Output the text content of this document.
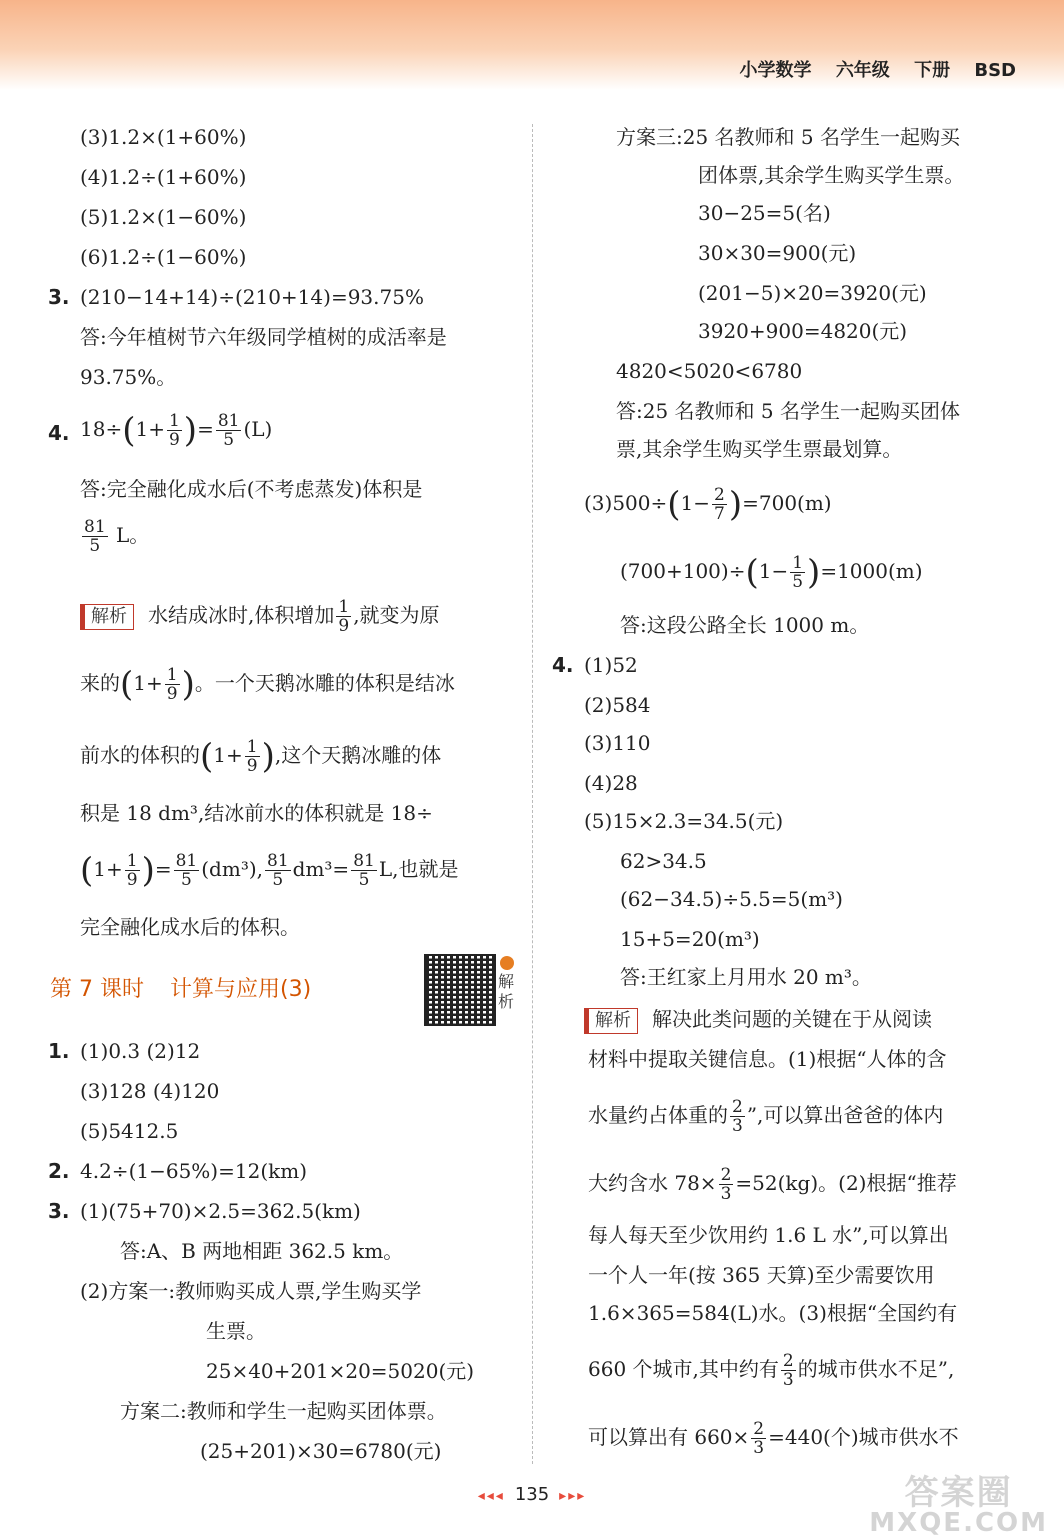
小学数学 六年级 下册 BSD
(3)1.2×(1+60%)
(4)1.2÷(1+60%)
(5)1.2×(1−60%)
(6)1.2÷(1−60%)
3. (210−14+14)÷(210+14)=93.75%
答:今年植树节六年级同学植树的成活率是
93.75%。
4. $18\div(1+ \frac{1}{9}$ )= $\frac{81}{5} (L)$
答:完全融化成水后(不考虑蒸发)体积是
$\frac{81}{5}$ L。
解析 水结成冰时,体积增加 $\frac{1}{9}$ ,就变为原
来的($1+ \frac{1}{9}$ )。一个天鹅冰雕的体积是结冰
前水的体积的($1+ \frac{1}{9}$ ),这个天鹅冰雕的体
积是 18 dm³,结冰前水的体积就是 18÷
($1+ \frac{1}{9}$ )= $\frac{81}{5} (dm^3)$, $\frac{81}{5} dm^3= \frac{81}{5} L$,也就是
完全融化成水后的体积。
第 7 课时 计算与应用(3)	解析
1. (1)0.3 (2)12
(3)128 (4)120
(5)5412.5
2. 4.2÷(1−65%)=12(km)
3. (1)(75+70)×2.5=362.5(km)
答:A、B 两地相距 362.5 km。
(2)方案一:教师购买成人票,学生购买学
生票。
25×40+201×20=5020(元)
方案二:教师和学生一起购买团体票。
(25+201)×30=6780(元)
方案三:25 名教师和 5 名学生一起购买
团体票,其余学生购买学生票。
30−25=5(名)
30×30=900(元)
(201−5)×20=3920(元)
3920+900=4820(元)
4820<5020<6780
答:25 名教师和 5 名学生一起购买团体
票,其余学生购买学生票最划算。
$(3)500\div(1- \frac{2}{7} )=700(m)$
$(700+100)\div(1- \frac{1}{5} )=1000(m)$
答:这段公路全长 1000 m。
4. (1)52
(2)584
(3)110
(4)28
(5)15×2.3=34.5(元)
62>34.5
(62−34.5)÷5.5=5(m³)
15+5=20(m³)
答:王红家上月用水 20 m³。
解析 解决此类问题的关键在于从阅读
材料中提取关键信息。(1)根据“人体的含
水量约占体重的 $\frac{2}{3}$ ”,可以算出爸爸的体内
大约含水 $78\times \frac{2}{3} =52(kg)$。(2)根据“推荐
每人每天至少饮用约 1.6 L 水”,可以算出
一个人一年(按 365 天算)至少需要饮用
1.6×365=584(L)水。(3)根据“全国约有
660 个城市,其中约有 $\frac{2}{3}$ 的城市供水不足”,
可以算出有 $660\times \frac{2}{3} =440$(个)城市供水不
◂◂◂ 135 ▸▸▸	答案圈
MXQE.COM
